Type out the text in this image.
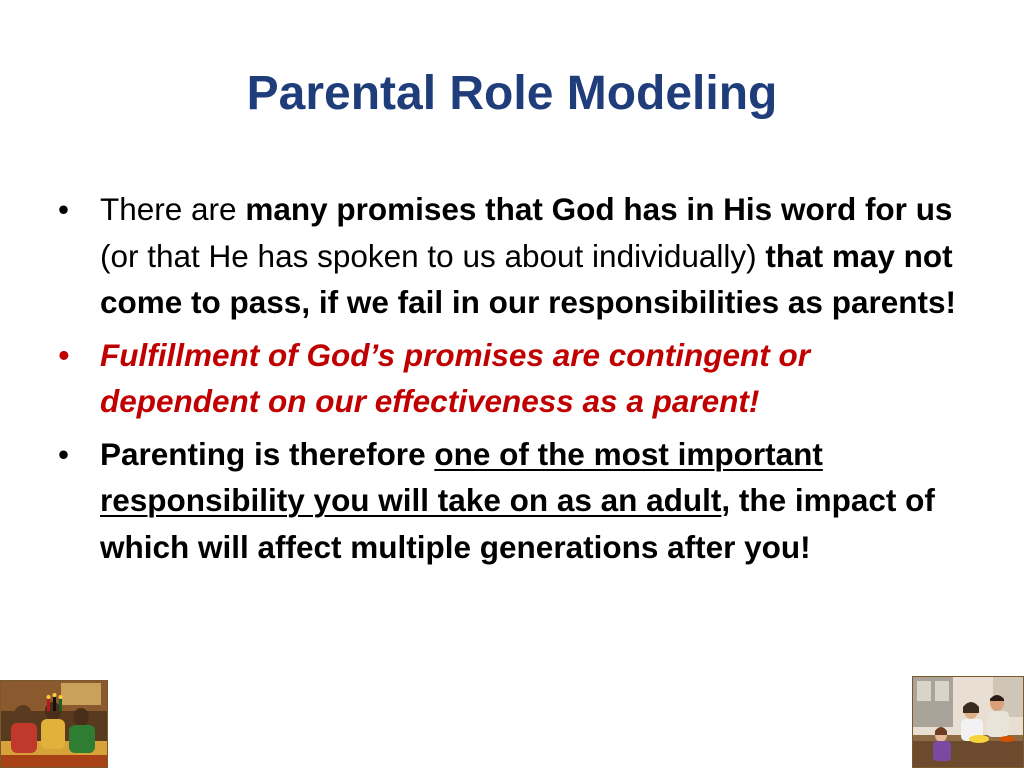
Parental Role Modeling
• There are many promises that God has in His word for us (or that He has spoken to us about individually) that may not come to pass, if we fail in our responsibilities as parents!
• Fulfillment of God’s promises are contingent or dependent on our effectiveness as a parent!
• Parenting is therefore one of the most important responsibility you will take on as an adult, the impact of which will affect multiple generations after you!
